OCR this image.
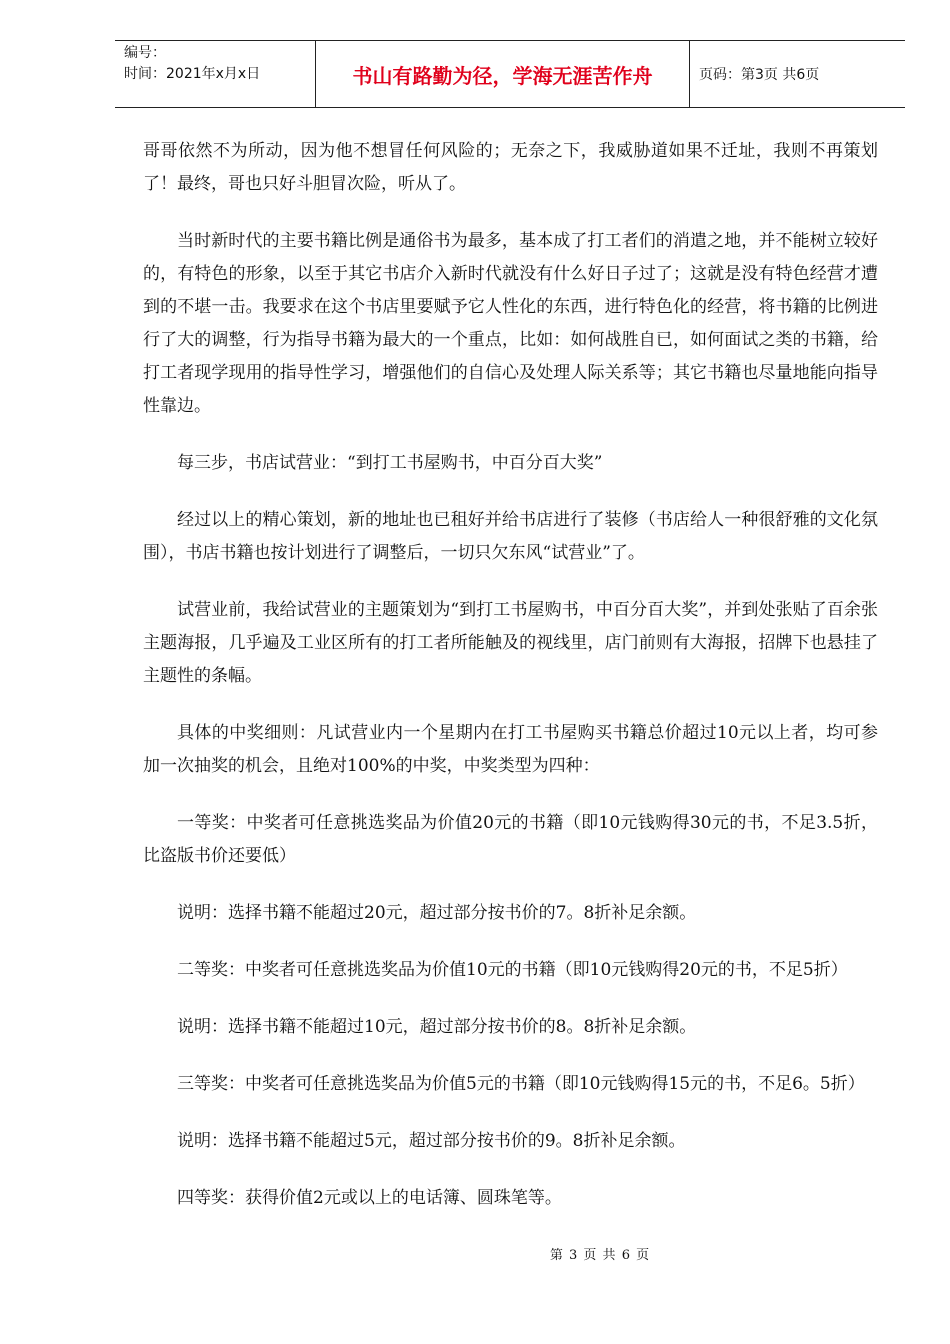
编号：
时间：2021年x月x日	书山有路勤为径，学海无涯苦作舟	页码：第3页 共6页

哥哥依然不为所动，因为他不想冒任何风险的；无奈之下，我威胁道如果不迁址，我则不再策划了！最终，哥也只好斗胆冒次险，听从了。

当时新时代的主要书籍比例是通俗书为最多，基本成了打工者们的消遣之地，并不能树立较好的，有特色的形象，以至于其它书店介入新时代就没有什么好日子过了；这就是没有特色经营才遭到的不堪一击。我要求在这个书店里要赋予它人性化的东西，进行特色化的经营，将书籍的比例进行了大的调整，行为指导书籍为最大的一个重点，比如：如何战胜自已，如何面试之类的书籍，给打工者现学现用的指导性学习，增强他们的自信心及处理人际关系等；其它书籍也尽量地能向指导性靠边。

每三步，书店试营业：“到打工书屋购书，中百分百大奖”

经过以上的精心策划，新的地址也已租好并给书店进行了装修（书店给人一种很舒雅的文化氛围），书店书籍也按计划进行了调整后，一切只欠东风“试营业”了。

试营业前，我给试营业的主题策划为“到打工书屋购书，中百分百大奖”，并到处张贴了百余张主题海报，几乎遍及工业区所有的打工者所能触及的视线里，店门前则有大海报，招牌下也悬挂了主题性的条幅。

具体的中奖细则：凡试营业内一个星期内在打工书屋购买书籍总价超过10元以上者，均可参加一次抽奖的机会，且绝对100%的中奖，中奖类型为四种：

一等奖：中奖者可任意挑选奖品为价值20元的书籍（即10元钱购得30元的书，不足3.5折，比盗版书价还要低）

说明：选择书籍不能超过20元，超过部分按书价的7。8折补足余额。

二等奖：中奖者可任意挑选奖品为价值10元的书籍（即10元钱购得20元的书，不足5折）

说明：选择书籍不能超过10元，超过部分按书价的8。8折补足余额。

三等奖：中奖者可任意挑选奖品为价值5元的书籍（即10元钱购得15元的书，不足6。5折）

说明：选择书籍不能超过5元，超过部分按书价的9。8折补足余额。

四等奖：获得价值2元或以上的电话簿、圆珠笔等。

第 3 页 共 6 页
